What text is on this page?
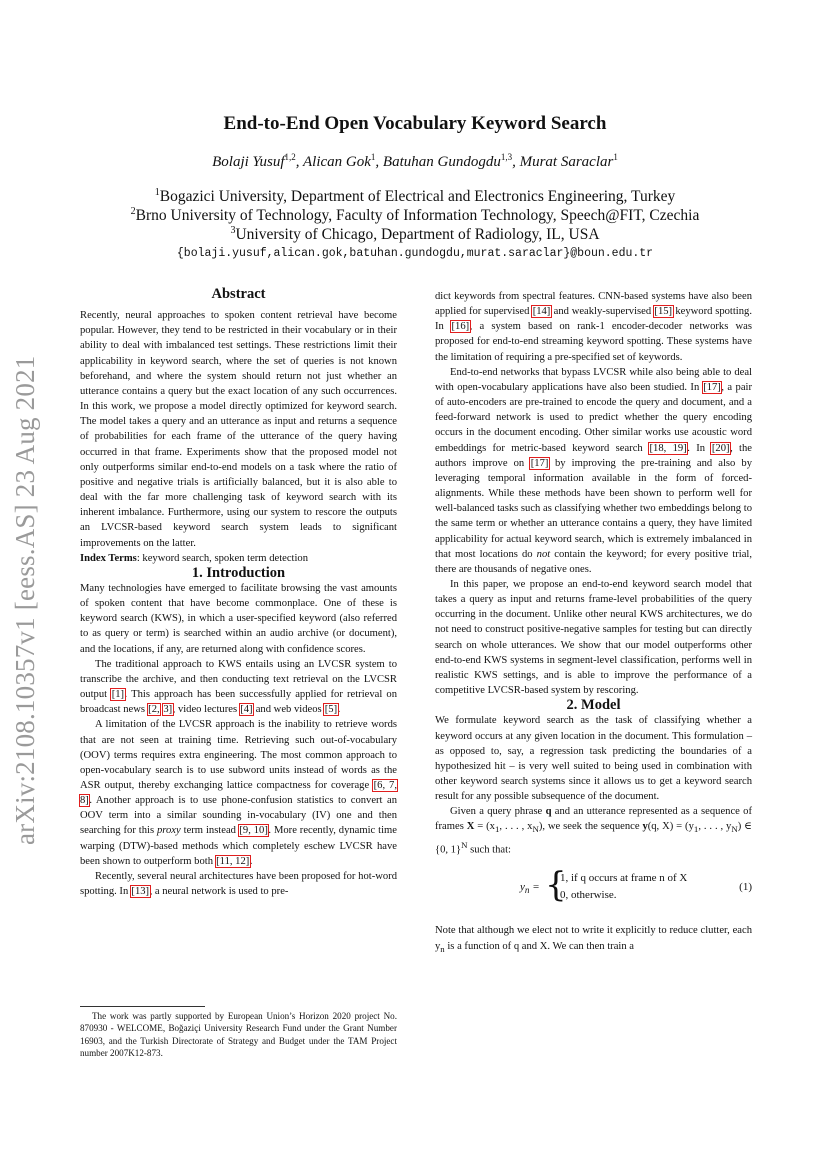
arXiv:2108.10357v1 [eess.AS] 23 Aug 2021
End-to-End Open Vocabulary Keyword Search
Bolaji Yusuf$^{1,2}$, Alican Gok$^1$, Batuhan Gundogdu$^{1,3}$, Murat Saraclar$^1$
$^1$Bogazici University, Department of Electrical and Electronics Engineering, Turkey
$^2$Brno University of Technology, Faculty of Information Technology, Speech@FIT, Czechia
$^3$University of Chicago, Department of Radiology, IL, USA
{bolaji.yusuf,alican.gok,batuhan.gundogdu,murat.saraclar}@boun.edu.tr

Abstract

Recently, neural approaches to spoken content retrieval have become popular. However, they tend to be restricted in their vocabulary or in their ability to deal with imbalanced test settings. These restrictions limit their applicability in keyword search, where the set of queries is not known beforehand, and where the system should return not just whether an utterance contains a query but the exact location of any such occurrences. In this work, we propose a model directly optimized for keyword search. The model takes a query and an utterance as input and returns a sequence of probabilities for each frame of the utterance of the query having occurred in that frame. Experiments show that the proposed model not only outperforms similar end-to-end models on a task where the ratio of positive and negative trials is artificially balanced, but it is also able to deal with the far more challenging task of keyword search with its inherent imbalance. Furthermore, using our system to rescore the outputs an LVCSR-based keyword search system leads to significant improvements on the latter.

Index Terms: keyword search, spoken term detection

1. Introduction

Many technologies have emerged to facilitate browsing the vast amounts of spoken content that have become commonplace. One of these is keyword search (KWS), in which a user-specified keyword (also referred to as query or term) is searched within an audio archive (or document), and the locations, if any, are returned along with confidence scores.

The traditional approach to KWS entails using an LVCSR system to transcribe the archive, and then conducting text retrieval on the LVCSR output [1]. This approach has been successfully applied for retrieval on broadcast news [2, 3], video lectures [4] and web videos [5].

A limitation of the LVCSR approach is the inability to retrieve words that are not seen at training time. Retrieving such out-of-vocabulary (OOV) terms requires extra engineering. The most common approach to open-vocabulary search is to use subword units instead of words as the ASR output, thereby exchanging lattice compactness for coverage [6, 7, 8]. Another approach is to use phone-confusion statistics to convert an OOV term into a similar sounding in-vocabulary (IV) one and then searching for this proxy term instead [9, 10]. More recently, dynamic time warping (DTW)-based methods which completely eschew LVCSR have been shown to outperform both [11, 12].

Recently, several neural architectures have been proposed for hot-word spotting. In [13], a neural network is used to pre-

The work was partly supported by European Union’s Horizon 2020 project No. 870930 - WELCOME, Boğaziçi University Research Fund under the Grant Number 16903, and the Turkish Directorate of Strategy and Budget under the TAM Project number 2007K12-873.

dict keywords from spectral features. CNN-based systems have also been applied for supervised [14] and weakly-supervised [15] keyword spotting. In [16], a system based on rank-1 encoder-decoder networks was proposed for end-to-end streaming keyword spotting. These systems have the limitation of requiring a pre-specified set of keywords.

End-to-end networks that bypass LVCSR while also being able to deal with open-vocabulary applications have also been studied. In [17], a pair of auto-encoders are pre-trained to encode the query and document, and a feed-forward network is used to predict whether the query encoding occurs in the document encoding. Other similar works use acoustic word embeddings for metric-based keyword search [18, 19]. In [20], the authors improve on [17] by improving the pre-training and also by leveraging temporal information available in the form of forced-alignments. While these methods have been shown to perform well for well-balanced tasks such as classifying whether two embeddings belong to the same term or whether an utterance contains a query, they have limited applicability for actual keyword search, which is extremely imbalanced in that most locations do not contain the keyword; for every positive trial, there are thousands of negative ones.

In this paper, we propose an end-to-end keyword search model that takes a query as input and returns frame-level probabilities of the query occurring in the document. Unlike other neural KWS architectures, we do not need to construct positive-negative samples for testing but can directly search on whole utterances. We show that our model outperforms other end-to-end KWS systems in segment-level classification, performs well in realistic KWS settings, and is able to improve the performance of a competitive LVCSR-based system by rescoring.

2. Model

We formulate keyword search as the task of classifying whether a keyword occurs at any given location in the document. This formulation – as opposed to, say, a regression task predicting the boundaries of a hypothesized hit – is very well suited to being used in combination with other keyword search systems since it allows us to get a keyword search result for any possible subsequence of the document.

Given a query phrase q and an utterance represented as a sequence of frames $X = (x_1$, . . . , $x_N$), we seek the sequence y(q, $X) = (y_1$, . . . , $y_N$) ∈ {0, 1}$^N$ such that:

$y_n$ = {
1, if q occurs at frame n of X
0, otherwise.
(1)

Note that although we elect not to write it explicitly to reduce clutter, each $y_n$ is a function of q and X. We can then train a
